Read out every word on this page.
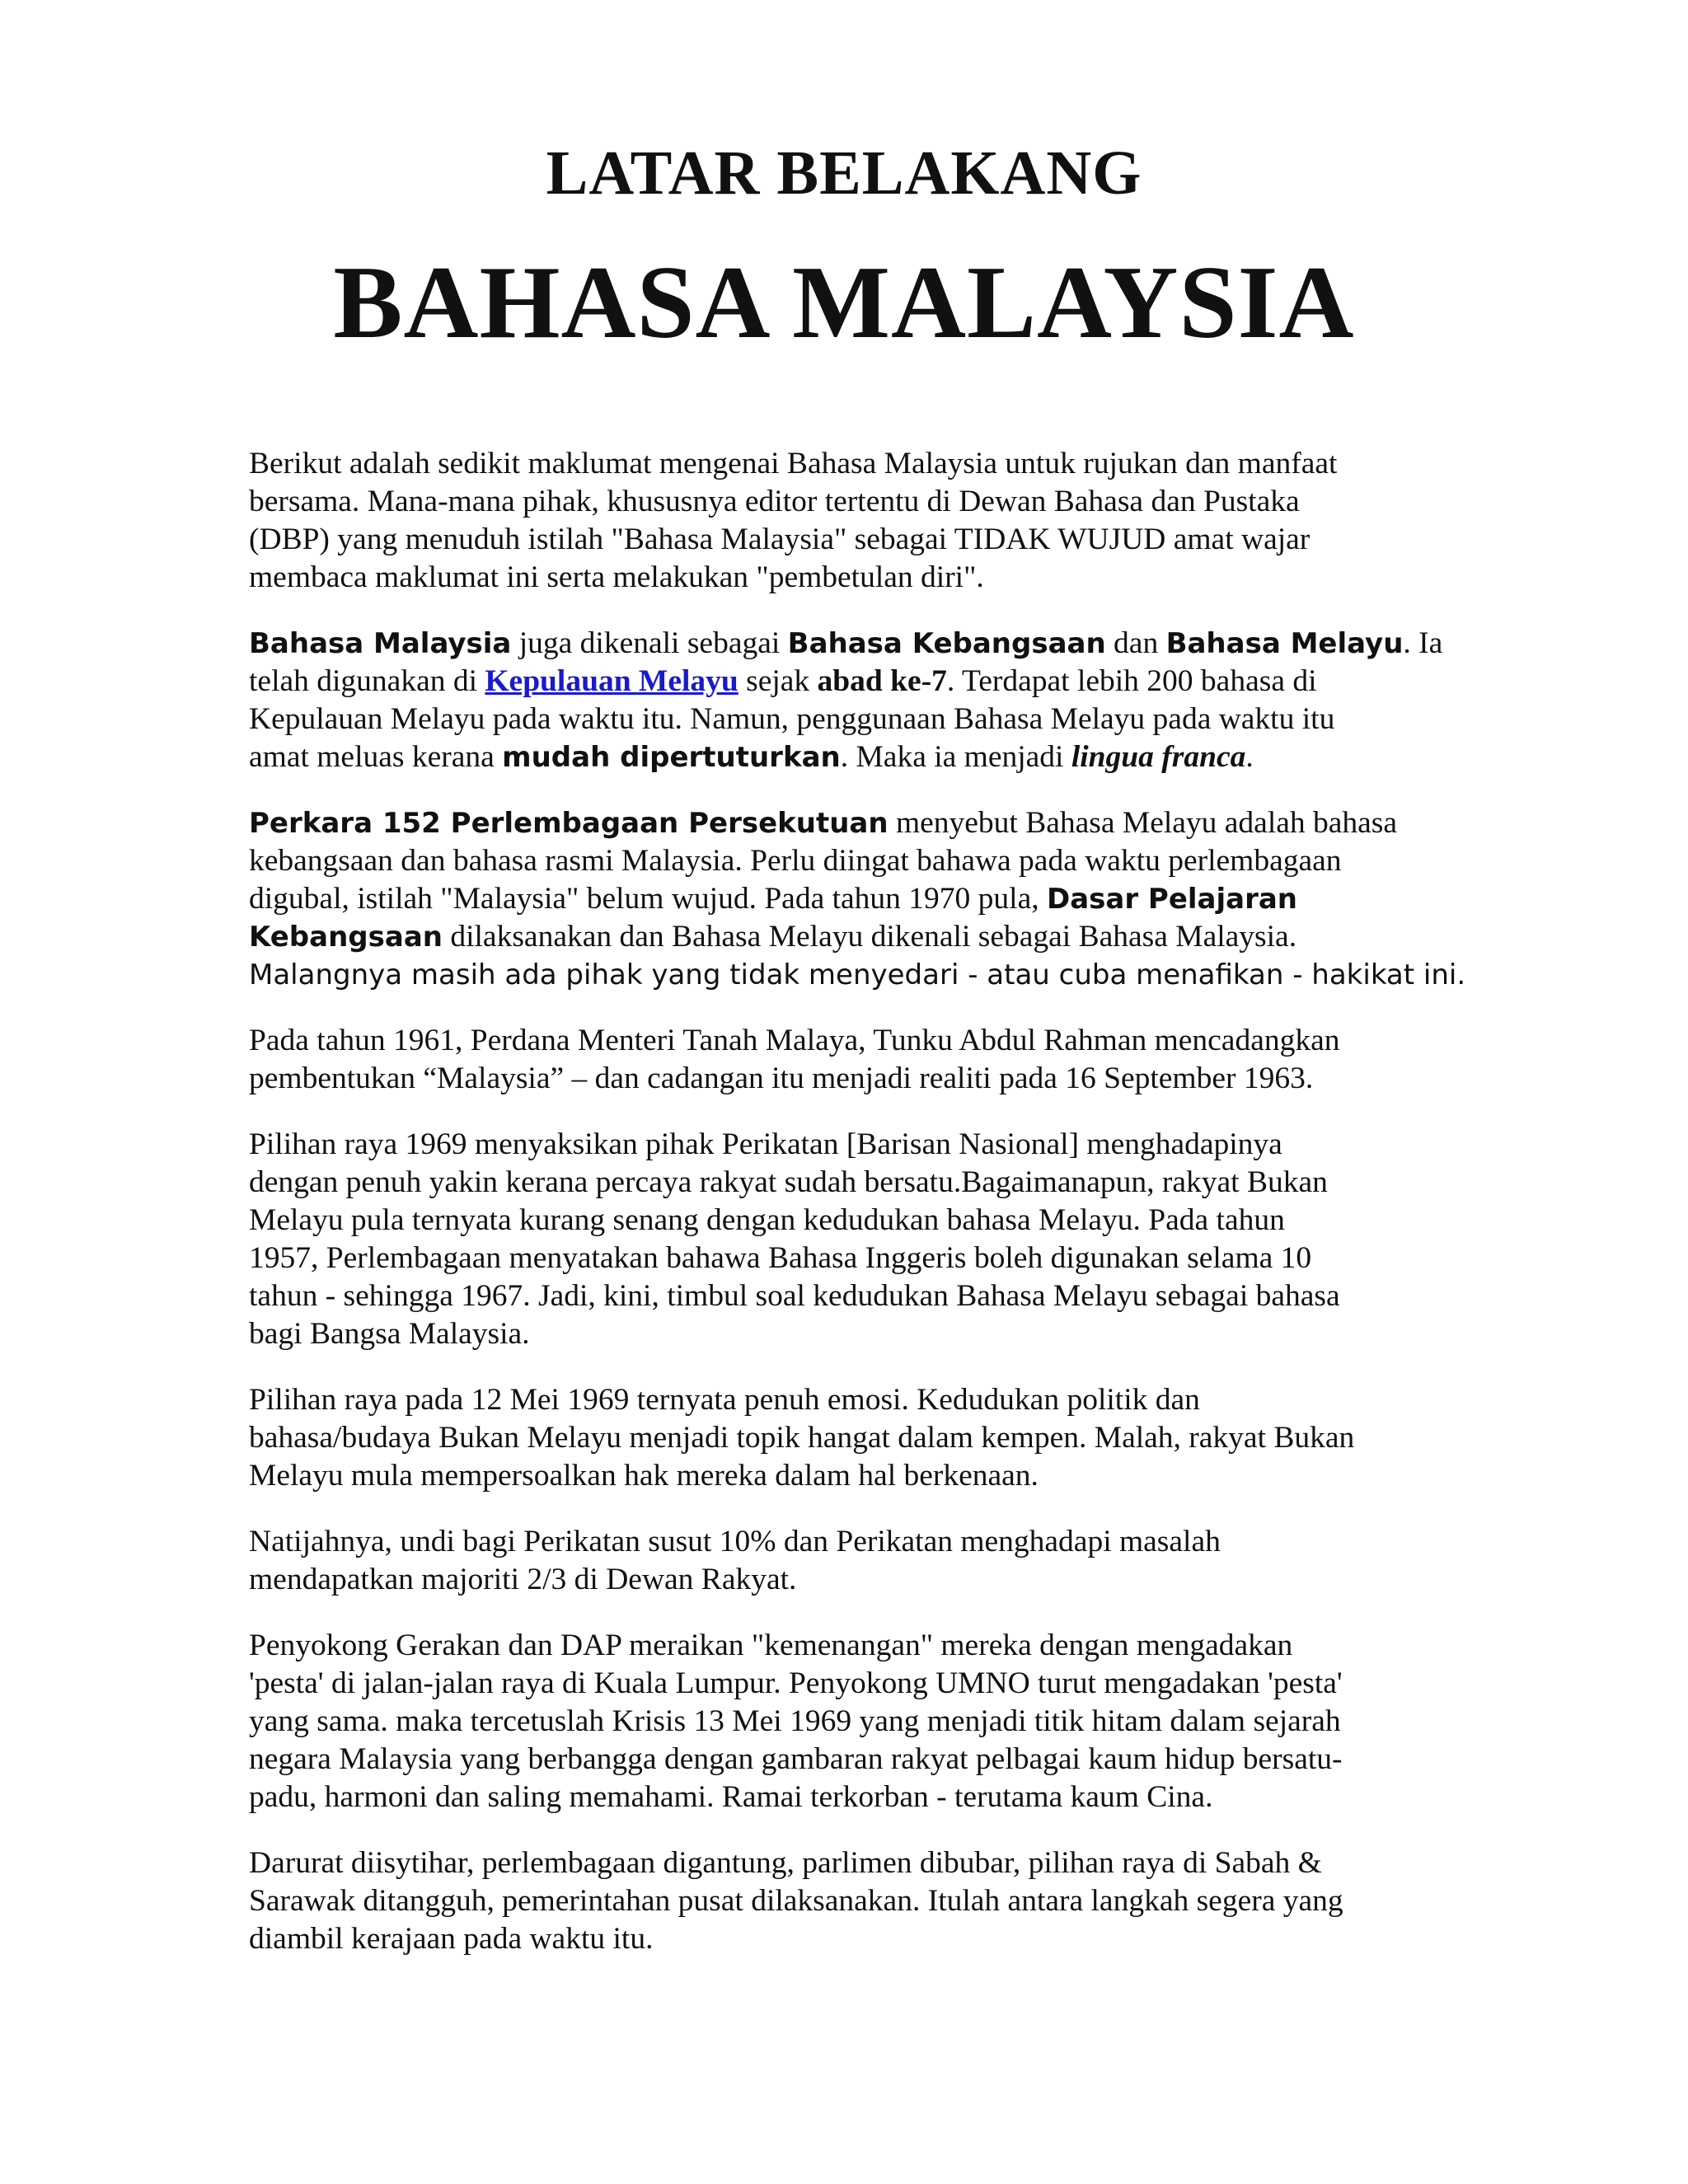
LATAR BELAKANG
BAHASA MALAYSIA

Berikut adalah sedikit maklumat mengenai Bahasa Malaysia untuk rujukan dan manfaat
bersama. Mana-mana pihak, khususnya editor tertentu di Dewan Bahasa dan Pustaka
(DBP) yang menuduh istilah "Bahasa Malaysia" sebagai TIDAK WUJUD amat wajar
membaca maklumat ini serta melakukan "pembetulan diri".

Bahasa Malaysia juga dikenali sebagai Bahasa Kebangsaan dan Bahasa Melayu. Ia
telah digunakan di Kepulauan Melayu sejak abad ke-7. Terdapat lebih 200 bahasa di
Kepulauan Melayu pada waktu itu. Namun, penggunaan Bahasa Melayu pada waktu itu
amat meluas kerana mudah dipertuturkan. Maka ia menjadi lingua franca.

Perkara 152 Perlembagaan Persekutuan menyebut Bahasa Melayu adalah bahasa
kebangsaan dan bahasa rasmi Malaysia. Perlu diingat bahawa pada waktu perlembagaan
digubal, istilah "Malaysia" belum wujud. Pada tahun 1970 pula, Dasar Pelajaran
Kebangsaan dilaksanakan dan Bahasa Melayu dikenali sebagai Bahasa Malaysia.
Malangnya masih ada pihak yang tidak menyedari - atau cuba menafikan - hakikat ini.

Pada tahun 1961, Perdana Menteri Tanah Malaya, Tunku Abdul Rahman mencadangkan
pembentukan “Malaysia” – dan cadangan itu menjadi realiti pada 16 September 1963.

Pilihan raya 1969 menyaksikan pihak Perikatan [Barisan Nasional] menghadapinya
dengan penuh yakin kerana percaya rakyat sudah bersatu.Bagaimanapun, rakyat Bukan
Melayu pula ternyata kurang senang dengan kedudukan bahasa Melayu. Pada tahun
1957, Perlembagaan menyatakan bahawa Bahasa Inggeris boleh digunakan selama 10
tahun - sehingga 1967. Jadi, kini, timbul soal kedudukan Bahasa Melayu sebagai bahasa
bagi Bangsa Malaysia.

Pilihan raya pada 12 Mei 1969 ternyata penuh emosi. Kedudukan politik dan
bahasa/budaya Bukan Melayu menjadi topik hangat dalam kempen. Malah, rakyat Bukan
Melayu mula mempersoalkan hak mereka dalam hal berkenaan.

Natijahnya, undi bagi Perikatan susut 10% dan Perikatan menghadapi masalah
mendapatkan majoriti 2/3 di Dewan Rakyat.

Penyokong Gerakan dan DAP meraikan "kemenangan" mereka dengan mengadakan
'pesta' di jalan-jalan raya di Kuala Lumpur. Penyokong UMNO turut mengadakan 'pesta'
yang sama. maka tercetuslah Krisis 13 Mei 1969 yang menjadi titik hitam dalam sejarah
negara Malaysia yang berbangga dengan gambaran rakyat pelbagai kaum hidup bersatu-
padu, harmoni dan saling memahami. Ramai terkorban - terutama kaum Cina.

Darurat diisytihar, perlembagaan digantung, parlimen dibubar, pilihan raya di Sabah &
Sarawak ditangguh, pemerintahan pusat dilaksanakan. Itulah antara langkah segera yang
diambil kerajaan pada waktu itu.
